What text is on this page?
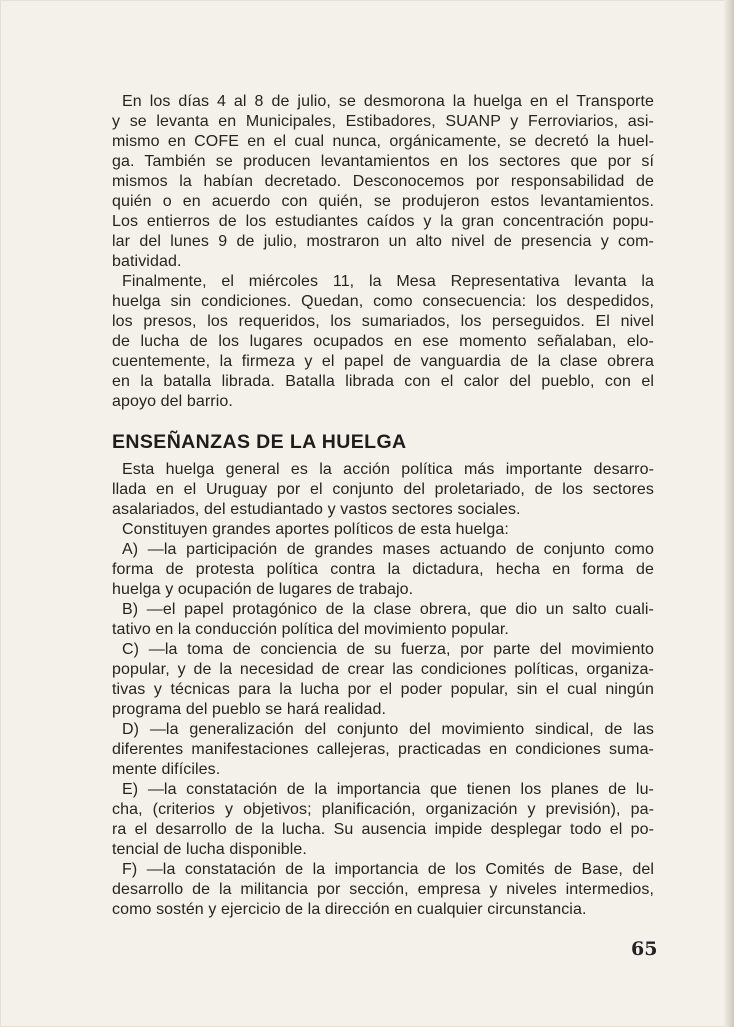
En los días 4 al 8 de julio, se desmorona la huelga en el Transporte
y se levanta en Municipales, Estibadores, SUANP y Ferroviarios, asi-
mismo en COFE en el cual nunca, orgánicamente, se decretó la huel-
ga. También se producen levantamientos en los sectores que por sí
mismos la habían decretado. Desconocemos por responsabilidad de
quién o en acuerdo con quién, se produjeron estos levantamientos.
Los entierros de los estudiantes caídos y la gran concentración popu-
lar del lunes 9 de julio, mostraron un alto nivel de presencia y com-
batividad.
Finalmente, el miércoles 11, la Mesa Representativa levanta la
huelga sin condiciones. Quedan, como consecuencia: los despedidos,
los presos, los requeridos, los sumariados, los perseguidos. El nivel
de lucha de los lugares ocupados en ese momento señalaban, elo-
cuentemente, la firmeza y el papel de vanguardia de la clase obrera
en la batalla librada. Batalla librada con el calor del pueblo, con el
apoyo del barrio.
ENSEÑANZAS DE LA HUELGA
Esta huelga general es la acción política más importante desarro-
llada en el Uruguay por el conjunto del proletariado, de los sectores
asalariados, del estudiantado y vastos sectores sociales.
Constituyen grandes aportes políticos de esta huelga:
A) —la participación de grandes mases actuando de conjunto como
forma de protesta política contra la dictadura, hecha en forma de
huelga y ocupación de lugares de trabajo.
B) —el papel protagónico de la clase obrera, que dio un salto cuali-
tativo en la conducción política del movimiento popular.
C) —la toma de conciencia de su fuerza, por parte del movimiento
popular, y de la necesidad de crear las condiciones políticas, organiza-
tivas y técnicas para la lucha por el poder popular, sin el cual ningún
programa del pueblo se hará realidad.
D) —la generalización del conjunto del movimiento sindical, de las
diferentes manifestaciones callejeras, practicadas en condiciones suma-
mente difíciles.
E) —la constatación de la importancia que tienen los planes de lu-
cha, (criterios y objetivos; planificación, organización y previsión), pa-
ra el desarrollo de la lucha. Su ausencia impide desplegar todo el po-
tencial de lucha disponible.
F) —la constatación de la importancia de los Comités de Base, del
desarrollo de la militancia por sección, empresa y niveles intermedios,
como sostén y ejercicio de la dirección en cualquier circunstancia.
65
